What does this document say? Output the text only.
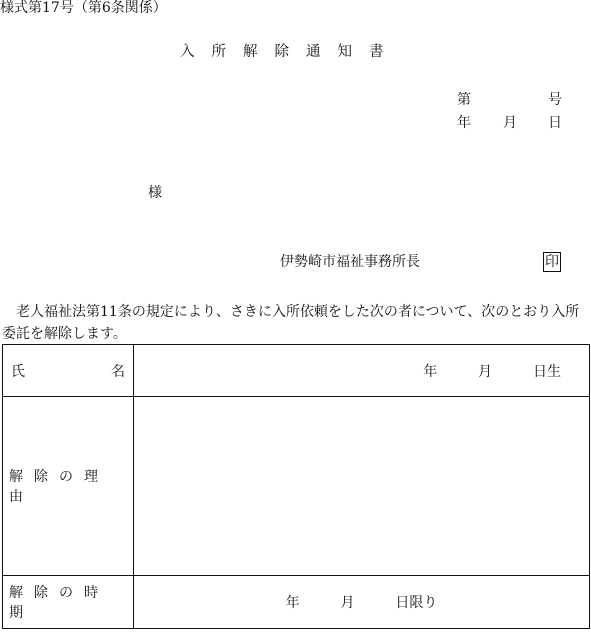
様式第17号（第6条関係）
入所解除通知書
第	号
年 月 日
様
伊勢崎市福祉事務所長	印
老人福祉法第11条の規定により、さきに入所依頼をした次の者について、次のとおり入所委託を解除します。
氏 名	年 月 日生
解除の理由	
解除の時期	年 月 日限り
